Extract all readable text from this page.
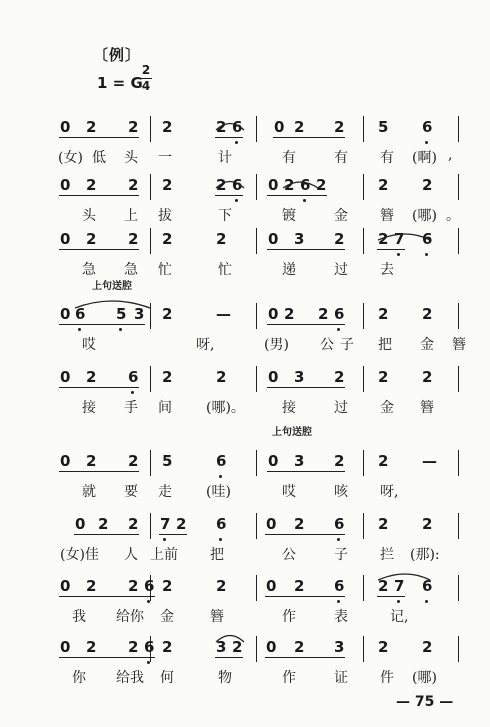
〔例〕
1 = G
2
4
上句送腔
上句送腔
— 75 —
0 2 2 2	2 6 0 2 2 5 6
(女) 低 头 一	计	有	有 有 (啊) ,
0 2 2 2	2 6 0 2 6 2	2 2
头 上 拔	下	镀	金 簪 (哪) 。
0 2 2 2	2	0 3 2 2 7 6
急 急 忙	忙	递	过 去
0 6 5 3 2	— 0 2 2 6 2 2
哎	呀,	(男) 公 子 把 金 簪
0 2 6 2	2	0 3 2 2 2
接 手 间 (哪)。	接	过 金 簪
0 2 2 5	6	0 3 2 2 —
就 要 走 (哇)	哎	咳 呀,
0 2 2 7 2 6	0 2 6 2 2
(女)佳 人 上前 把	公	子 拦 (那):
0 2 2 6 2	2	0 2 6 2 7 6
我 给你 金	簪	作	表	记,
0 2 2 6 2	3 2 0 2 3 2 2
你 给我 何	物	作	证 件 (哪)
